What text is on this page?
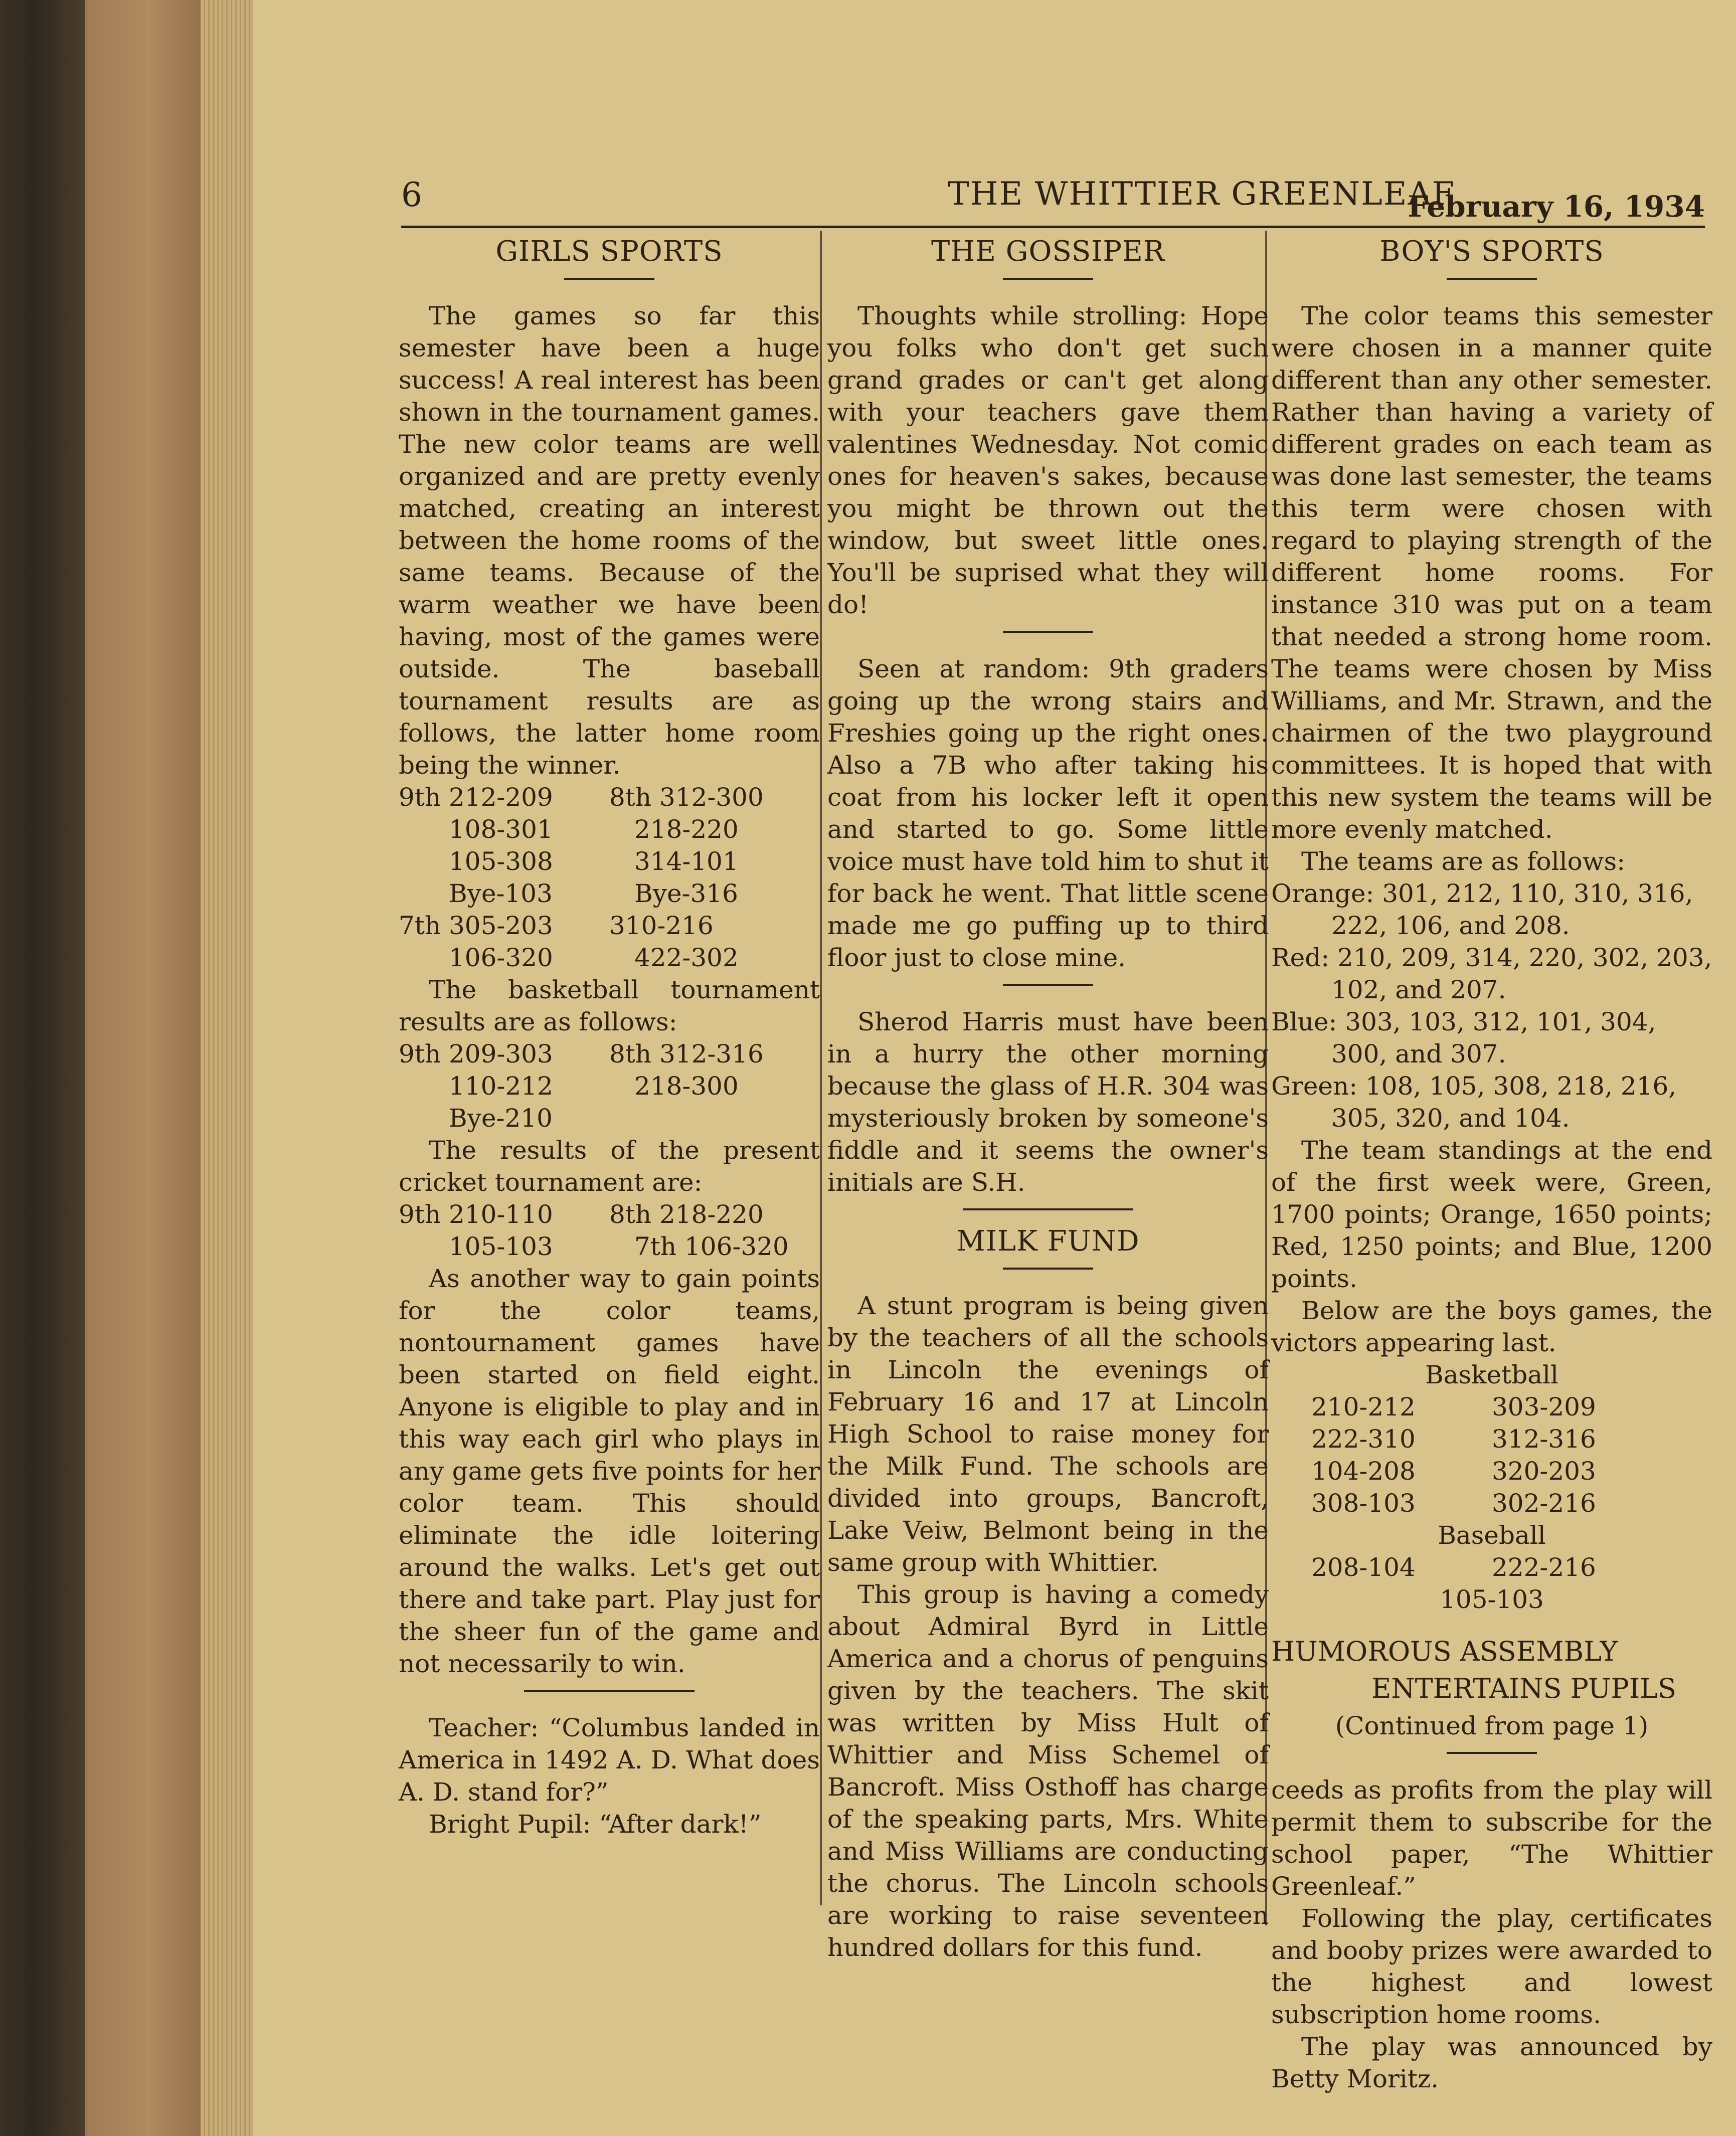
6	THE WHITTIER GREENLEAF
February 16, 1934
GIRLS SPORTS

The games so far this semester have been a huge success! A real interest has been shown in the tournament games. The new color teams are well organized and are pretty evenly matched, creating an interest between the home rooms of the same teams. Because of the warm weather we have been having, most of the games were outside. The baseball tournament results are as follows, the latter home room being the winner.

9th 212-209	8th 312-300
108-301	218-220
105-308	314-101
Bye-103	Bye-316
7th 305-203	310-216
106-320	422-302

The basketball tournament results are as follows:

9th 209-303	8th 312-316
110-212	218-300
Bye-210

The results of the present cricket tournament are:

9th 210-110	8th 218-220
105-103	7th 106-320

As another way to gain points for the color teams, nontournament games have been started on field eight. Anyone is eligible to play and in this way each girl who plays in any game gets five points for her color team. This should eliminate the idle loitering around the walks. Let's get out there and take part. Play just for the sheer fun of the game and not necessarily to win.

Teacher: “Columbus landed in America in 1492 A. D. What does A. D. stand for?”

Bright Pupil: “After dark!”

THE GOSSIPER

Thoughts while strolling: Hope you folks who don't get such grand grades or can't get along with your teachers gave them valentines Wednesday. Not comic ones for heaven's sakes, because you might be thrown out the window, but sweet little ones. You'll be suprised what they will do!

Seen at random: 9th graders going up the wrong stairs and Freshies going up the right ones. Also a 7B who after taking his coat from his locker left it open and started to go. Some little voice must have told him to shut it for back he went. That little scene made me go puffing up to third floor just to close mine.

Sherod Harris must have been in a hurry the other morning because the glass of H.R. 304 was mysteriously broken by someone's fiddle and it seems the owner's initials are S.H.

MILK FUND

A stunt program is being given by the teachers of all the schools in Lincoln the evenings of February 16 and 17 at Lincoln High School to raise money for the Milk Fund. The schools are divided into groups, Bancroft, Lake Veiw, Belmont being in the same group with Whittier.

This group is having a comedy about Admiral Byrd in Little America and a chorus of penguins given by the teachers. The skit was written by Miss Hult of Whittier and Miss Schemel of Bancroft. Miss Osthoff has charge of the speaking parts, Mrs. White and Miss Williams are conducting the chorus. The Lincoln schools are working to raise seventeen hundred dollars for this fund.

BOY'S SPORTS

The color teams this semester were chosen in a manner quite different than any other semester. Rather than having a variety of different grades on each team as was done last semester, the teams this term were chosen with regard to playing strength of the different home rooms. For instance 310 was put on a team that needed a strong home room. The teams were chosen by Miss Williams, and Mr. Strawn, and the chairmen of the two playground committees. It is hoped that with this new system the teams will be more evenly matched.

The teams are as follows:

Orange: 301, 212, 110, 310, 316, 222, 106, and 208.
Red: 210, 209, 314, 220, 302, 203, 102, and 207.
Blue: 303, 103, 312, 101, 304, 300, and 307.
Green: 108, 105, 308, 218, 216, 305, 320, and 104.

The team standings at the end of the first week were, Green, 1700 points; Orange, 1650 points; Red, 1250 points; and Blue, 1200 points.

Below are the boys games, the victors appearing last.

Basketball
210-212	303-209
222-310	312-316
104-208	320-203
308-103	302-216
Baseball
208-104	222-216
105-103
HUMOROUS ASSEMBLY
ENTERTAINS PUPILS
(Continued from page 1)

ceeds as profits from the play will permit them to subscribe for the school paper, “The Whittier Greenleaf.”

Following the play, certificates and booby prizes were awarded to the highest and lowest subscription home rooms.

The play was announced by Betty Moritz.
